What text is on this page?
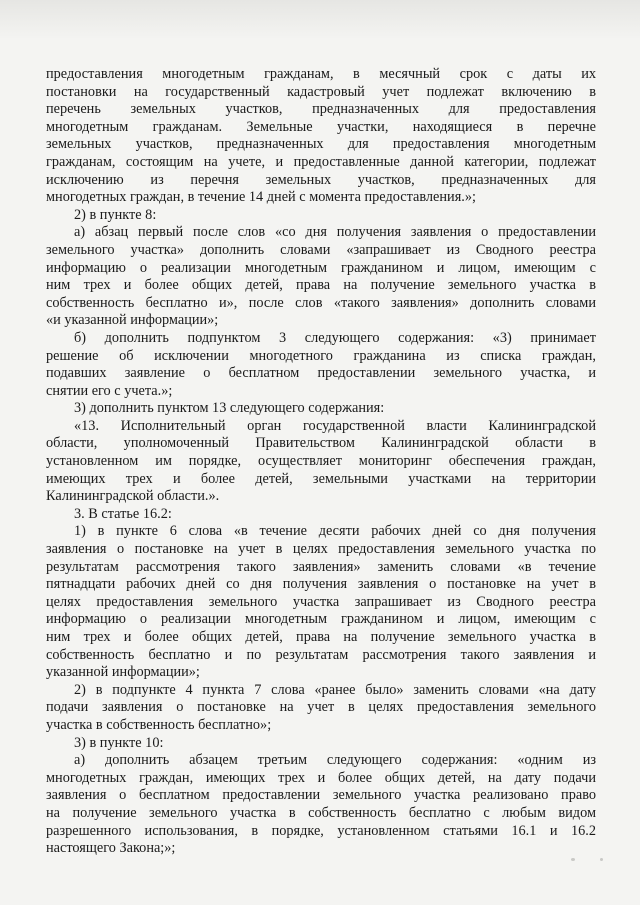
предоставления многодетным гражданам, в месячный срок с даты их
постановки на государственный кадастровый учет подлежат включению в
перечень земельных участков, предназначенных для предоставления
многодетным гражданам. Земельные участки, находящиеся в перечне
земельных участков, предназначенных для предоставления многодетным
гражданам, состоящим на учете, и предоставленные данной категории, подлежат
исключению из перечня земельных участков, предназначенных для
многодетных граждан, в течение 14 дней с момента предоставления.»;
2) в пункте 8:
а) абзац первый после слов «со дня получения заявления о предоставлении
земельного участка» дополнить словами «запрашивает из Сводного реестра
информацию о реализации многодетным гражданином и лицом, имеющим с
ним трех и более общих детей, права на получение земельного участка в
собственность бесплатно и», после слов «такого заявления» дополнить словами
«и указанной информации»;
б) дополнить подпунктом 3 следующего содержания: «3) принимает
решение об исключении многодетного гражданина из списка граждан,
подавших заявление о бесплатном предоставлении земельного участка, и
снятии его с учета.»;
3) дополнить пунктом 13 следующего содержания:
«13. Исполнительный орган государственной власти Калининградской
области, уполномоченный Правительством Калининградской области в
установленном им порядке, осуществляет мониторинг обеспечения граждан,
имеющих трех и более детей, земельными участками на территории
Калининградской области.».
3. В статье 16.2:
1) в пункте 6 слова «в течение десяти рабочих дней со дня получения
заявления о постановке на учет в целях предоставления земельного участка по
результатам рассмотрения такого заявления» заменить словами «в течение
пятнадцати рабочих дней со дня получения заявления о постановке на учет в
целях предоставления земельного участка запрашивает из Сводного реестра
информацию о реализации многодетным гражданином и лицом, имеющим с
ним трех и более общих детей, права на получение земельного участка в
собственность бесплатно и по результатам рассмотрения такого заявления и
указанной информации»;
2) в подпункте 4 пункта 7 слова «ранее было» заменить словами «на дату
подачи заявления о постановке на учет в целях предоставления земельного
участка в собственность бесплатно»;
3) в пункте 10:
а) дополнить абзацем третьим следующего содержания: «одним из
многодетных граждан, имеющих трех и более общих детей, на дату подачи
заявления о бесплатном предоставлении земельного участка реализовано право
на получение земельного участка в собственность бесплатно с любым видом
разрешенного использования, в порядке, установленном статьями 16.1 и 16.2
настоящего Закона;»;
